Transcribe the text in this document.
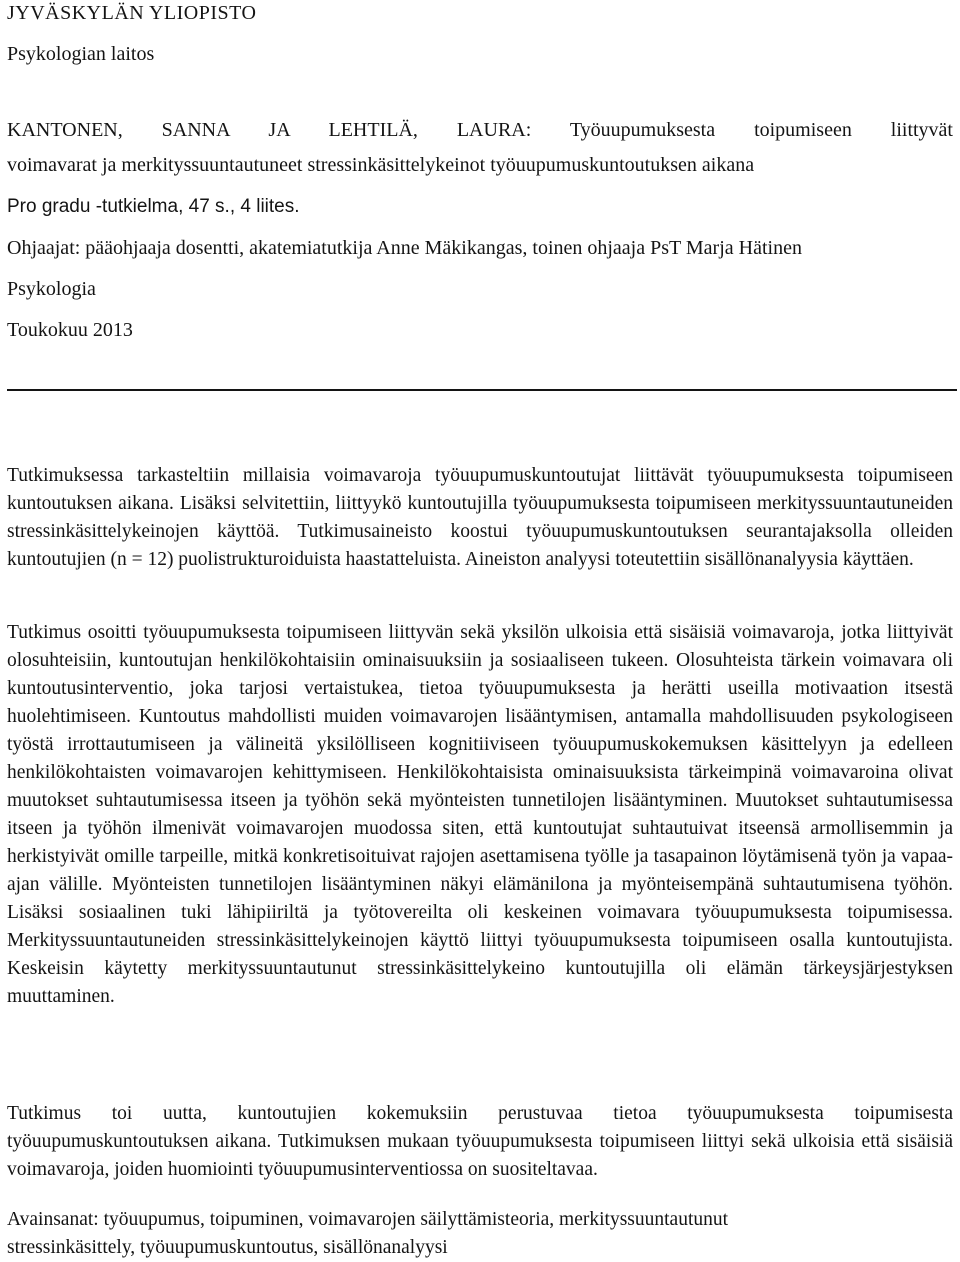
JYVÄSKYLÄN YLIOPISTO

Psykologian laitos

KANTONEN, SANNA JA LEHTILÄ, LAURA: Työuupumuksesta toipumiseen liittyvät
voimavarat ja merkityssuuntautuneet stressinkäsittelykeinot työuupumuskuntoutuksen aikana

Pro gradu -tutkielma, 47 s., 4 liites.

Ohjaajat: pääohjaaja dosentti, akatemiatutkija Anne Mäkikangas, toinen ohjaaja PsT Marja Hätinen

Psykologia

Toukokuu 2013

Tutkimuksessa tarkasteltiin millaisia voimavaroja työuupumuskuntoutujat liittävät työuupumuksesta toipumiseen kuntoutuksen aikana. Lisäksi selvitettiin, liittyykö kuntoutujilla työuupumuksesta toipumiseen merkityssuuntautuneiden stressinkäsittelykeinojen käyttöä. Tutkimusaineisto koostui työuupumuskuntoutuksen seurantajaksolla olleiden kuntoutujien (n = 12) puolistrukturoiduista haastatteluista. Aineiston analyysi toteutettiin sisällönanalyysia käyttäen.

Tutkimus osoitti työuupumuksesta toipumiseen liittyvän sekä yksilön ulkoisia että sisäisiä voimavaroja, jotka liittyivät olosuhteisiin, kuntoutujan henkilökohtaisiin ominaisuuksiin ja sosiaaliseen tukeen. Olosuhteista tärkein voimavara oli kuntoutusinterventio, joka tarjosi vertaistukea, tietoa työuupumuksesta ja herätti useilla motivaation itsestä huolehtimiseen. Kuntoutus mahdollisti muiden voimavarojen lisääntymisen, antamalla mahdollisuuden psykologiseen työstä irrottautumiseen ja välineitä yksilölliseen kognitiiviseen työuupumuskokemuksen käsittelyyn ja edelleen henkilökohtaisten voimavarojen kehittymiseen. Henkilökohtaisista ominaisuuksista tärkeimpinä voimavaroina olivat muutokset suhtautumisessa itseen ja työhön sekä myönteisten tunnetilojen lisääntyminen. Muutokset suhtautumisessa itseen ja työhön ilmenivät voimavarojen muodossa siten, että kuntoutujat suhtautuivat itseensä armollisemmin ja herkistyivät omille tarpeille, mitkä konkretisoituivat rajojen asettamisena työlle ja tasapainon löytämisenä työn ja vapaa-ajan välille. Myönteisten tunnetilojen lisääntyminen näkyi elämänilona ja myönteisempänä suhtautumisena työhön. Lisäksi sosiaalinen tuki lähipiiriltä ja työtovereilta oli keskeinen voimavara työuupumuksesta toipumisessa. Merkityssuuntautuneiden stressinkäsittelykeinojen käyttö liittyi työuupumuksesta toipumiseen osalla kuntoutujista. Keskeisin käytetty merkityssuuntautunut stressinkäsittelykeino kuntoutujilla oli elämän tärkeysjärjestyksen muuttaminen.

Tutkimus toi uutta, kuntoutujien kokemuksiin perustuvaa tietoa työuupumuksesta toipumisesta työuupumuskuntoutuksen aikana. Tutkimuksen mukaan työuupumuksesta toipumiseen liittyi sekä ulkoisia että sisäisiä voimavaroja, joiden huomiointi työuupumusinterventiossa on suositeltavaa.

Avainsanat: työuupumus, toipuminen, voimavarojen säilyttämisteoria, merkityssuuntautunut
stressinkäsittely, työuupumuskuntoutus, sisällönanalyysi
